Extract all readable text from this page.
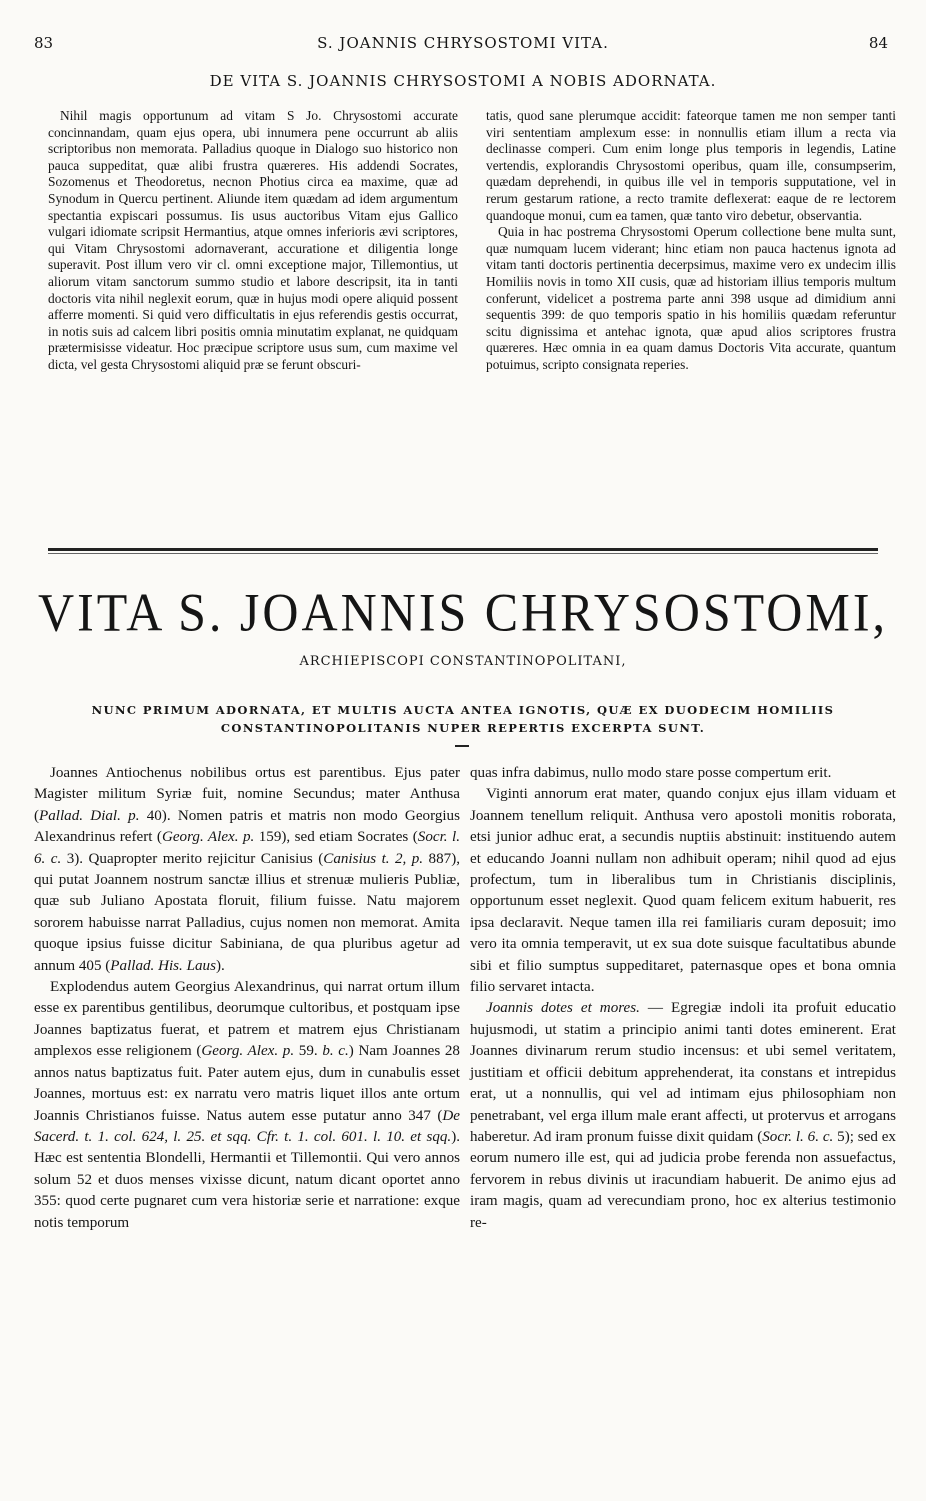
83	S. JOANNIS CHRYSOSTOMI VITA.	84
DE VITA S. JOANNIS CHRYSOSTOMI A NOBIS ADORNATA.

Nihil magis opportunum ad vitam S Jo. Chrysostomi accurate concinnandam, quam ejus opera, ubi innumera pene occurrunt ab aliis scriptoribus non memorata. Palladius quoque in Dialogo suo historico non pauca suppeditat, quæ alibi frustra quæreres. His addendi Socrates, Sozomenus et Theodoretus, necnon Photius circa ea maxime, quæ ad Synodum in Quercu pertinent. Aliunde item quædam ad idem argumentum spectantia expiscari possumus. Iis usus auctoribus Vitam ejus Gallico vulgari idiomate scripsit Hermantius, atque omnes inferioris ævi scriptores, qui Vitam Chrysostomi adornaverant, accuratione et diligentia longe superavit. Post illum vero vir cl. omni exceptione major, Tillemontius, ut aliorum vitam sanctorum summo studio et labore descripsit, ita in tanti doctoris vita nihil neglexit eorum, quæ in hujus modi opere aliquid possent afferre momenti. Si quid vero difficultatis in ejus referendis gestis occurrat, in notis suis ad calcem libri positis omnia minutatim explanat, ne quidquam prætermisisse videatur. Hoc præcipue scriptore usus sum, cum maxime vel dicta, vel gesta Chrysostomi aliquid præ se ferunt obscuri-

tatis, quod sane plerumque accidit: fateorque tamen me non semper tanti viri sententiam amplexum esse: in nonnullis etiam illum a recta via declinasse comperi. Cum enim longe plus temporis in legendis, Latine vertendis, explorandis Chrysostomi operibus, quam ille, consumpserim, quædam deprehendi, in quibus ille vel in temporis supputatione, vel in rerum gestarum ratione, a recto tramite deflexerat: eaque de re lectorem quandoque monui, cum ea tamen, quæ tanto viro debetur, observantia.

Quia in hac postrema Chrysostomi Operum collectione bene multa sunt, quæ numquam lucem viderant; hinc etiam non pauca hactenus ignota ad vitam tanti doctoris pertinentia decerpsimus, maxime vero ex undecim illis Homiliis novis in tomo XII cusis, quæ ad historiam illius temporis multum conferunt, videlicet a postrema parte anni 398 usque ad dimidium anni sequentis 399: de quo temporis spatio in his homiliis quædam referuntur scitu dignissima et antehac ignota, quæ apud alios scriptores frustra quæreres. Hæc omnia in ea quam damus Doctoris Vita accurate, quantum potuimus, scripto consignata reperies.

VITA S. JOANNIS CHRYSOSTOMI,
ARCHIEPISCOPI CONSTANTINOPOLITANI,
NUNC PRIMUM ADORNATA, ET MULTIS AUCTA ANTEA IGNOTIS, QUÆ EX DUODECIM HOMILIIS
CONSTANTINOPOLITANIS NUPER REPERTIS EXCERPTA SUNT.

Joannes Antiochenus nobilibus ortus est parentibus. Ejus pater Magister militum Syriæ fuit, nomine Secundus; mater Anthusa (Pallad. Dial. p. 40). Nomen patris et matris non modo Georgius Alexandrinus refert (Georg. Alex. p. 159), sed etiam Socrates (Socr. l. 6. c. 3). Quapropter merito rejicitur Canisius (Canisius t. 2, p. 887), qui putat Joannem nostrum sanctæ illius et strenuæ mulieris Publiæ, quæ sub Juliano Apostata floruit, filium fuisse. Natu majorem sororem habuisse narrat Palladius, cujus nomen non memorat. Amita quoque ipsius fuisse dicitur Sabiniana, de qua pluribus agetur ad annum 405 (Pallad. His. Laus).

Explodendus autem Georgius Alexandrinus, qui narrat ortum illum esse ex parentibus gentilibus, deorumque cultoribus, et postquam ipse Joannes baptizatus fuerat, et patrem et matrem ejus Christianam amplexos esse religionem (Georg. Alex. p. 59. b. c.) Nam Joannes 28 annos natus baptizatus fuit. Pater autem ejus, dum in cunabulis esset Joannes, mortuus est: ex narratu vero matris liquet illos ante ortum Joannis Christianos fuisse. Natus autem esse putatur anno 347 (De Sacerd. t. 1. col. 624, l. 25. et sqq. Cfr. t. 1. col. 601. l. 10. et sqq.). Hæc est sententia Blondelli, Hermantii et Tillemontii. Qui vero annos solum 52 et duos menses vixisse dicunt, natum dicant oportet anno 355: quod certe pugnaret cum vera historiæ serie et narratione: exque notis temporum

quas infra dabimus, nullo modo stare posse compertum erit.

Viginti annorum erat mater, quando conjux ejus illam viduam et Joannem tenellum reliquit. Anthusa vero apostoli monitis roborata, etsi junior adhuc erat, a secundis nuptiis abstinuit: instituendo autem et educando Joanni nullam non adhibuit operam; nihil quod ad ejus profectum, tum in liberalibus tum in Christianis disciplinis, opportunum esset neglexit. Quod quam felicem exitum habuerit, res ipsa declaravit. Neque tamen illa rei familiaris curam deposuit; imo vero ita omnia temperavit, ut ex sua dote suisque facultatibus abunde sibi et filio sumptus suppeditaret, paternasque opes et bona omnia filio servaret intacta.

Joannis dotes et mores. — Egregiæ indoli ita profuit educatio hujusmodi, ut statim a principio animi tanti dotes eminerent. Erat Joannes divinarum rerum studio incensus: et ubi semel veritatem, justitiam et officii debitum apprehenderat, ita constans et intrepidus erat, ut a nonnullis, qui vel ad intimam ejus philosophiam non penetrabant, vel erga illum male erant affecti, ut protervus et arrogans haberetur. Ad iram pronum fuisse dixit quidam (Socr. l. 6. c. 5); sed ex eorum numero ille est, qui ad judicia probe ferenda non assuefactus, fervorem in rebus divinis ut iracundiam habuerit. De animo ejus ad iram magis, quam ad verecundiam prono, hoc ex alterius testimonio re-
